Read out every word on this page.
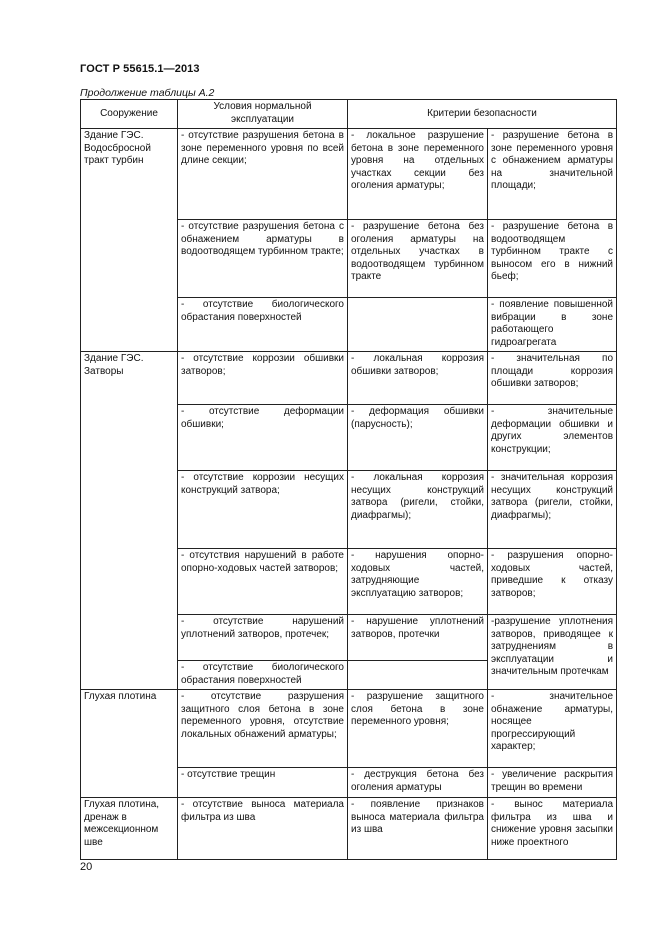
ГОСТ Р 55615.1—2013
Продолжение таблицы А.2
Сооружение	Условия нормальной эксплуатации	Критерии безопасности	
Здание ГЭС. Водосбросной тракт турбин	- отсутствие разрушения бетона в зоне переменного уровня по всей длине секции;	- локальное разрушение бетона в зоне переменного уровня на отдельных участках секции без оголения арматуры;	- разрушение бетона в зоне переменного уровня с обнажением арматуры на значительной площади;

	- отсутствие разрушения бетона с обнажением арматуры в водоотводящем турбинном тракте;	- разрушение бетона без оголения арматуры на отдельных участках в водоотводящем турбинном тракте	- разрушение бетона в водоотводящем турбинном тракте с выносом его в нижний бьеф;

	- отсутствие биологического обрастания поверхностей		- появление повышенной вибрации в зоне работающего гидроагрегата

Здание ГЭС. Затворы	- отсутствие коррозии обшивки затворов;	- локальная коррозия обшивки затворов;	- значительная по площади коррозия обшивки затворов;

	- отсутствие деформации обшивки;	- деформация обшивки (парусность);	- значительные деформации обшивки и других элементов конструкции;

	- отсутствие коррозии несущих конструкций затвора;	- локальная коррозия несущих конструкций затвора (ригели, стойки, диафрагмы);	- значительная коррозия несущих конструкций затвора (ригели, стойки, диафрагмы);

	- отсутствия нарушений в работе опорно-ходовых частей затворов;	- нарушения опорно-ходовых частей, затрудняющие эксплуатацию затворов;	- разрушения опорно-ходовых частей, приведшие к отказу затворов;

	- отсутствие нарушений уплотнений затворов, протечек;	- нарушение уплотнений затворов, протечки	-разрушение уплотнения затворов, приводящее к затруднениям в эксплуатации и значительным протечкам

	- отсутствие биологического обрастания поверхностей		

Глухая плотина	- отсутствие разрушения защитного слоя бетона в зоне переменного уровня, отсутствие локальных обнажений арматуры;	- разрушение защитного слоя бетона в зоне переменного уровня;	- значительное обнажение арматуры, носящее прогрессирующий характер;

	- отсутствие трещин	- деструкция бетона без оголения арматуры	- увеличение раскрытия трещин во времени

Глухая плотина, дренаж в межсекционном шве	- отсутствие выноса материала фильтра из шва	- появление признаков выноса материала фильтра из шва	- вынос материала фильтра из шва и снижение уровня засыпки ниже проектного
20
